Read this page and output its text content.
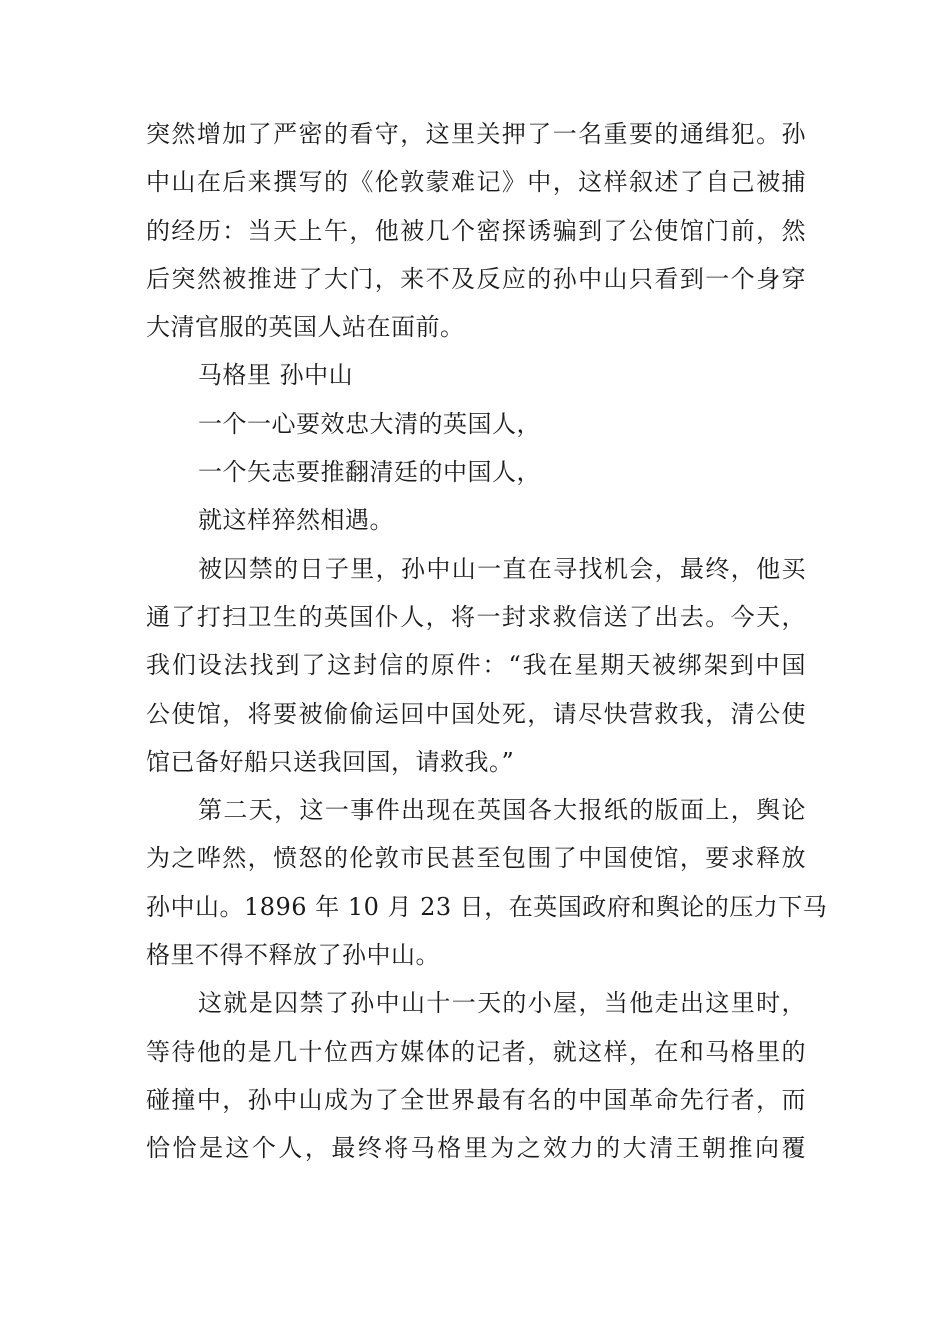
突然增加了严密的看守，这里关押了一名重要的通缉犯。孙
中山在后来撰写的《伦敦蒙难记》中，这样叙述了自己被捕
的经历：当天上午，他被几个密探诱骗到了公使馆门前，然
后突然被推进了大门，来不及反应的孙中山只看到一个身穿
大清官服的英国人站在面前。
马格里 孙中山
一个一心要效忠大清的英国人，
一个矢志要推翻清廷的中国人，
就这样猝然相遇。
被囚禁的日子里，孙中山一直在寻找机会，最终，他买
通了打扫卫生的英国仆人，将一封求救信送了出去。今天，
我们设法找到了这封信的原件：“我在星期天被绑架到中国
公使馆，将要被偷偷运回中国处死，请尽快营救我，清公使
馆已备好船只送我回国，请救我。”
第二天，这一事件出现在英国各大报纸的版面上，舆论
为之哗然，愤怒的伦敦市民甚至包围了中国使馆，要求释放
孙中山。1896 年 10 月 23 日，在英国政府和舆论的压力下马
格里不得不释放了孙中山。
这就是囚禁了孙中山十一天的小屋，当他走出这里时，
等待他的是几十位西方媒体的记者，就这样，在和马格里的
碰撞中，孙中山成为了全世界最有名的中国革命先行者，而
恰恰是这个人，最终将马格里为之效力的大清王朝推向覆
